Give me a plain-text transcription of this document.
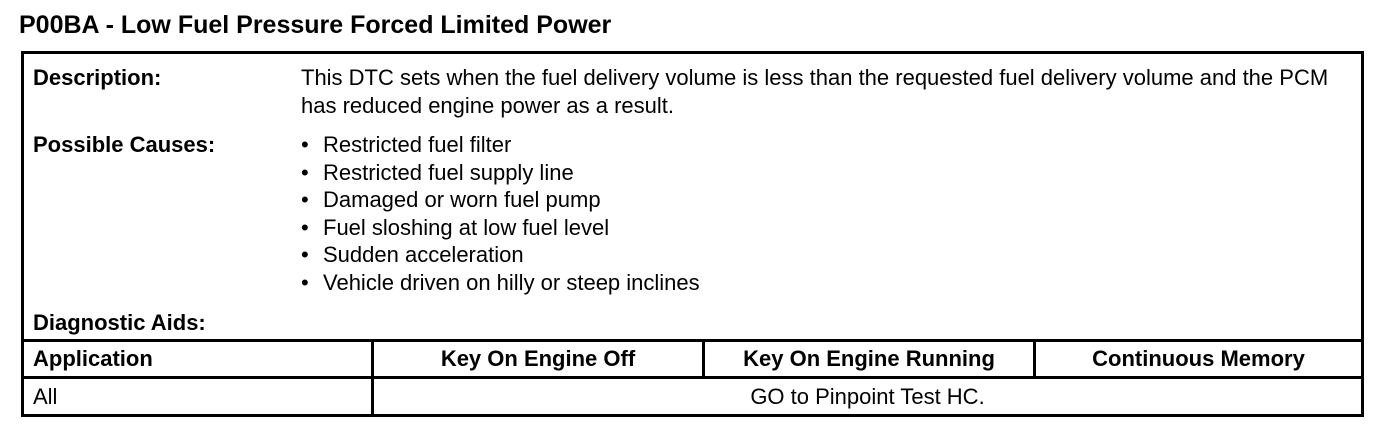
P00BA - Low Fuel Pressure Forced Limited Power
Description:	This DTC sets when the fuel delivery volume is less than the requested fuel delivery volume and the PCM has reduced engine power as a result.
Possible Causes:
•	Restricted fuel filter
• Restricted fuel supply line
• Damaged or worn fuel pump
• Fuel sloshing at low fuel level
• Sudden acceleration
• Vehicle driven on hilly or steep inclines
Diagnostic Aids:
Application	Key On Engine Off	Key On Engine Running	Continuous Memory
All	GO to Pinpoint Test HC.
